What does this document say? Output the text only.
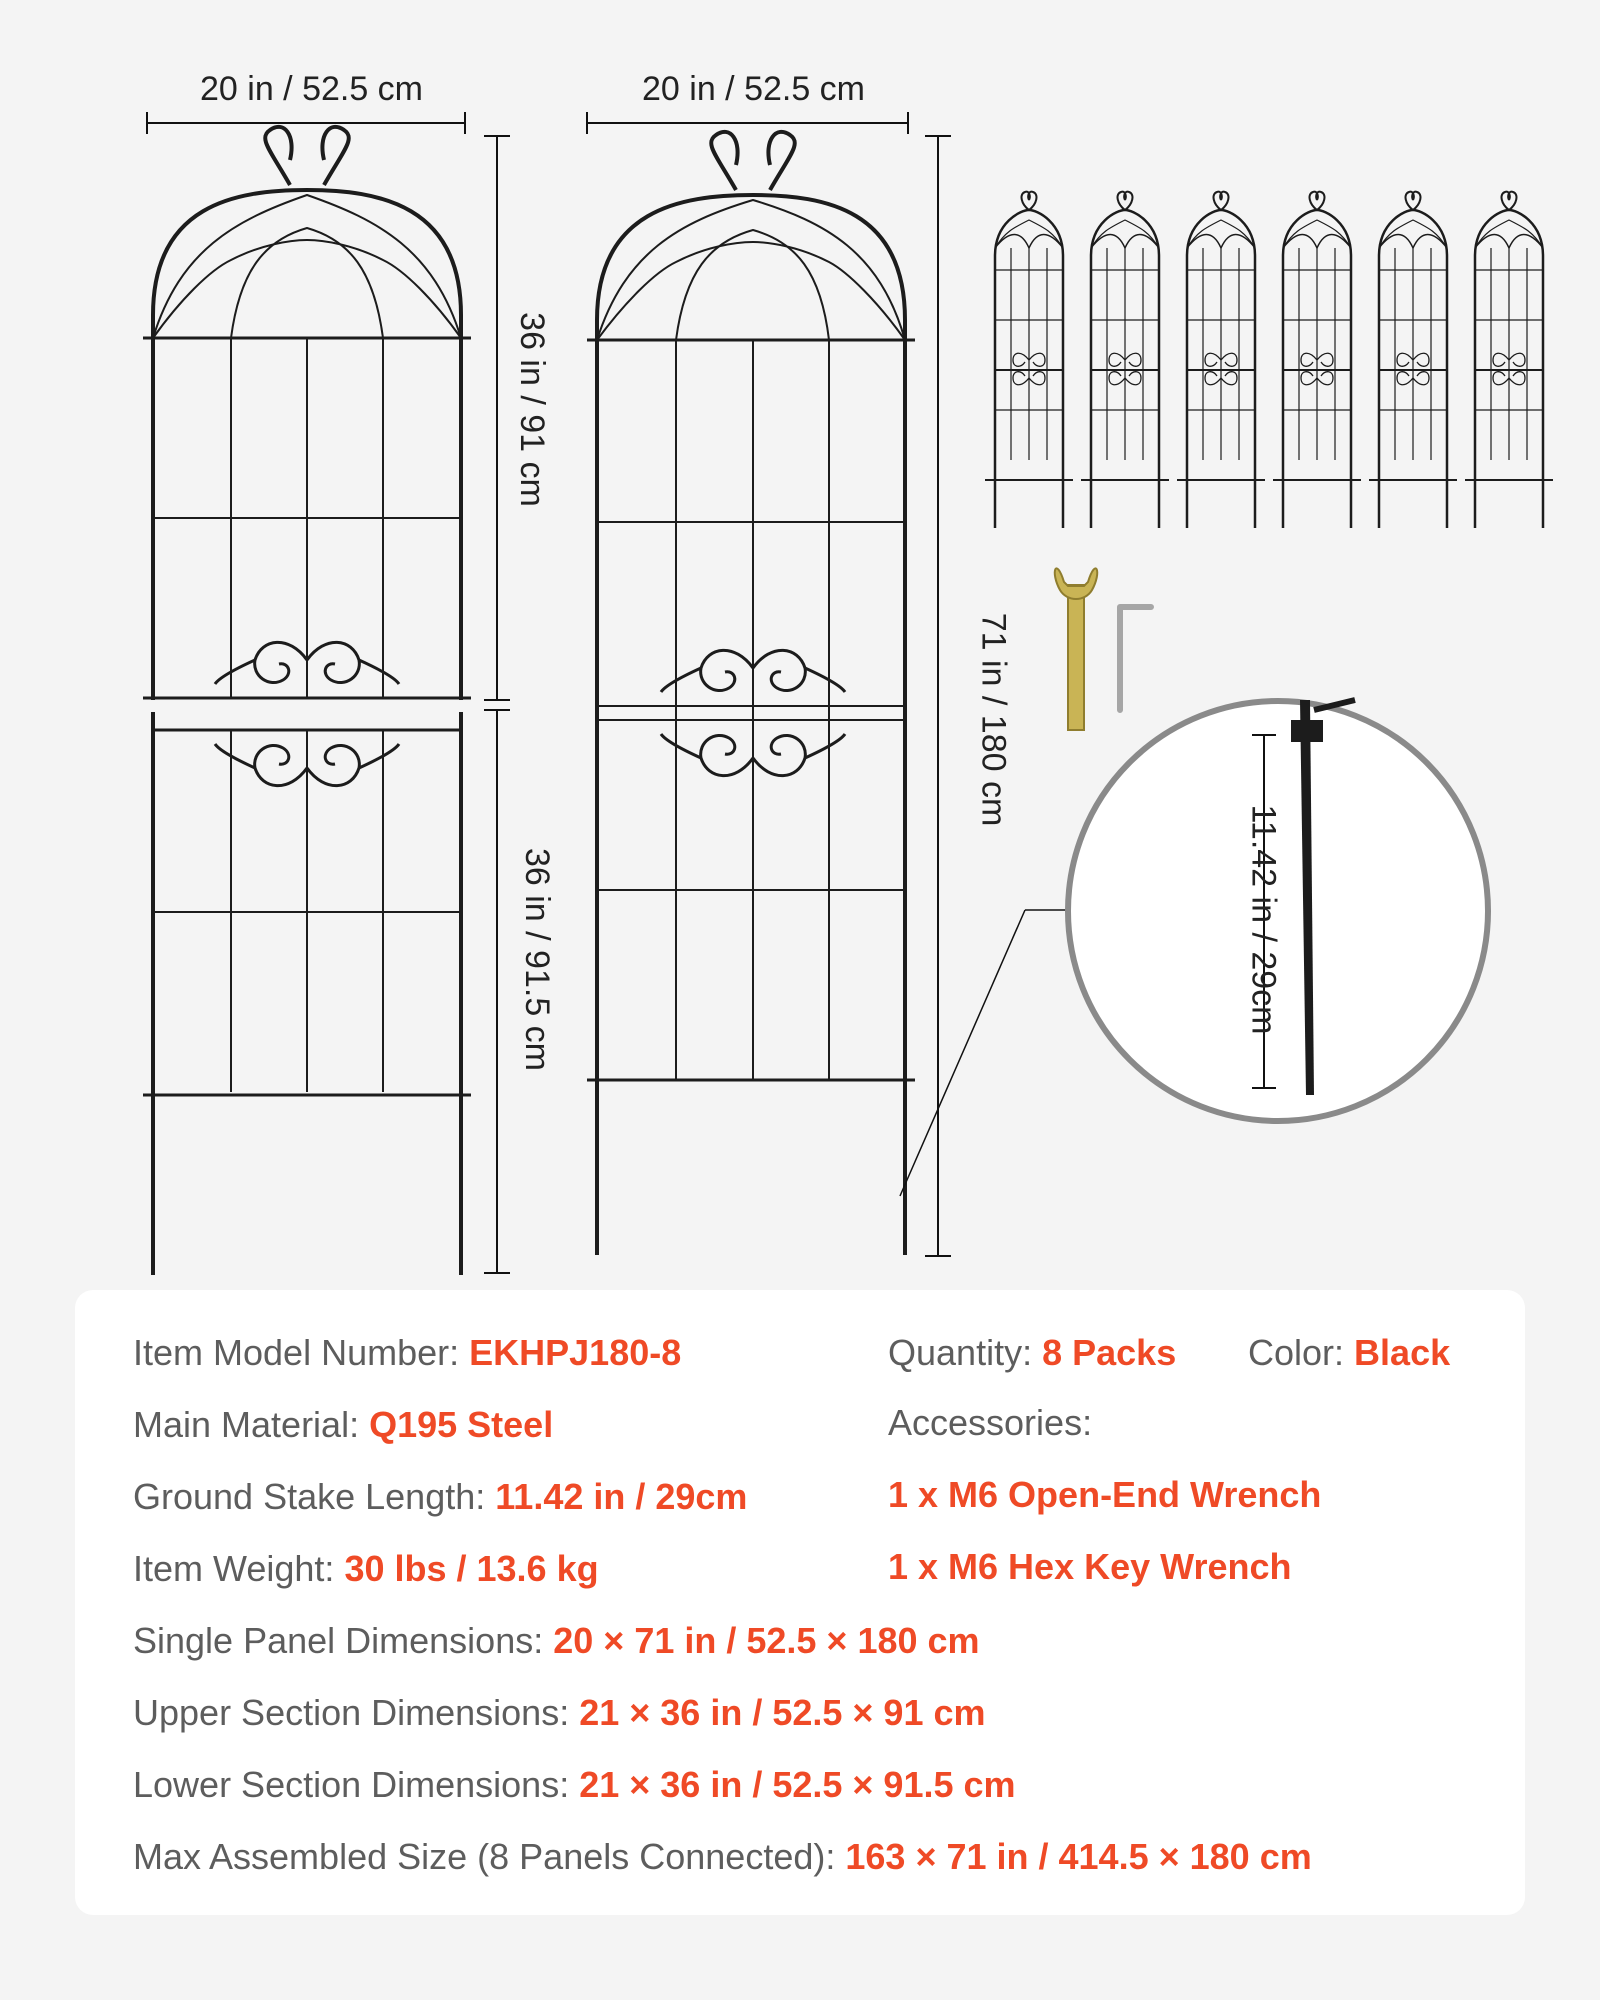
20 in / 52.5 cm	20 in / 52.5 cm
36 in / 91 cm
36 in / 91.5 cm
71 in / 180 cm
11.42 in / 29cm
Item Model Number: EKHPJ180-8
Main Material: Q195 Steel
Ground Stake Length: 11.42 in / 29cm
Item Weight: 30 lbs / 13.6 kg
Single Panel Dimensions: 20 × 71 in / 52.5 × 180 cm
Upper Section Dimensions: 21 × 36 in / 52.5 × 91 cm
Lower Section Dimensions: 21 × 36 in / 52.5 × 91.5 cm
Max Assembled Size (8 Panels Connected): 163 × 71 in / 414.5 × 180 cm
Quantity: 8 Packs Color: Black
Accessories:
1 x M6 Open-End Wrench
1 x M6 Hex Key Wrench
